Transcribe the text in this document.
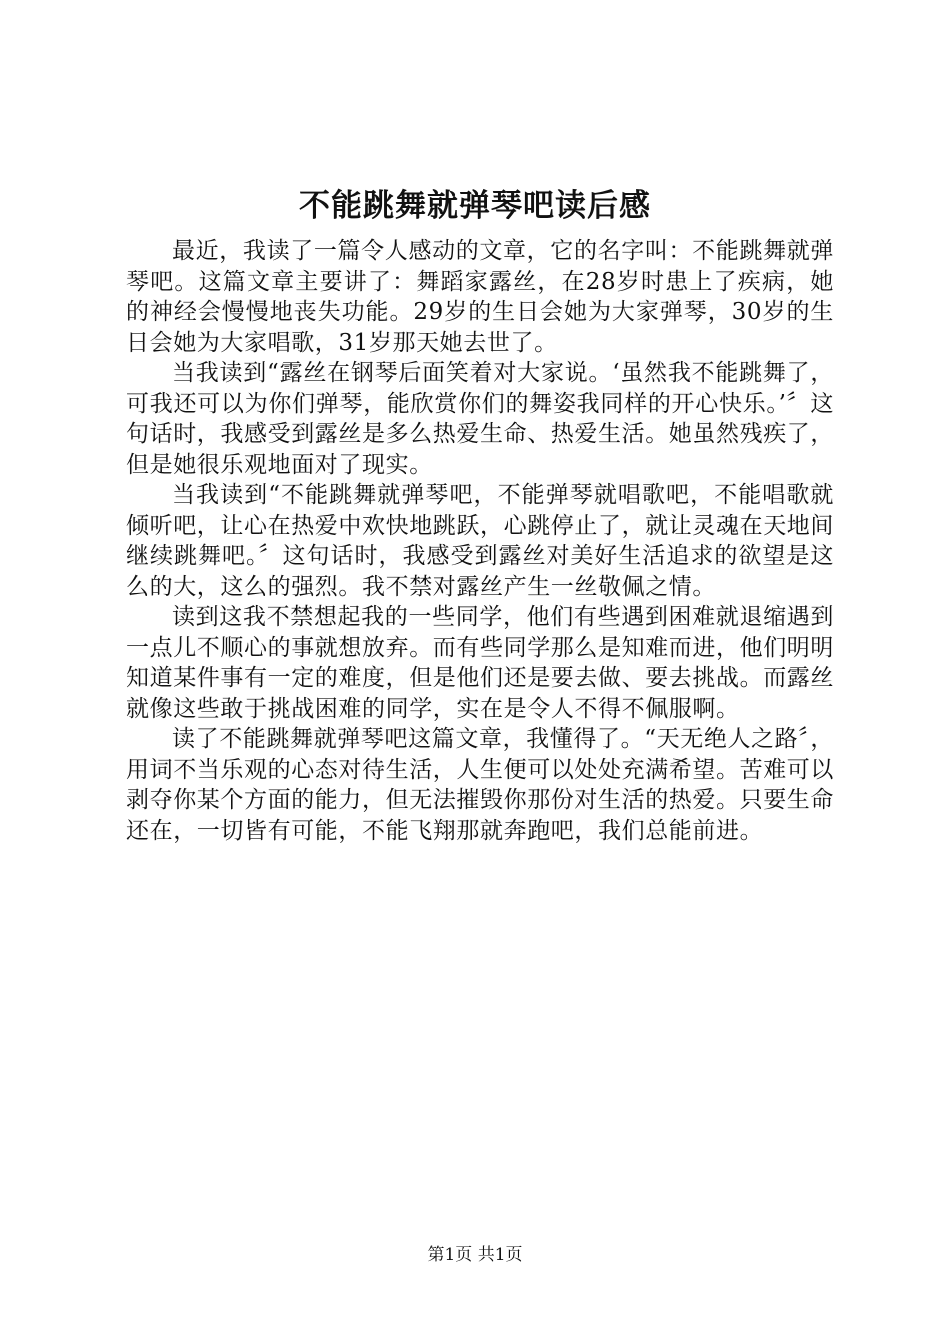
不能跳舞就弹琴吧读后感

最近，我读了一篇令人感动的文章，它的名字叫：不能跳舞就弹琴吧。这篇文章主要讲了：舞蹈家露丝，在28岁时患上了疾病，她的神经会慢慢地丧失功能。29岁的生日会她为大家弹琴，30岁的生日会她为大家唱歌，31岁那天她去世了。

当我读到“露丝在钢琴后面笑着对大家说。‘虽然我不能跳舞了，可我还可以为你们弹琴，能欣赏你们的舞姿我同样的开心快乐。’〞这句话时，我感受到露丝是多么热爱生命、热爱生活。她虽然残疾了，但是她很乐观地面对了现实。

当我读到“不能跳舞就弹琴吧，不能弹琴就唱歌吧，不能唱歌就倾听吧，让心在热爱中欢快地跳跃，心跳停止了，就让灵魂在天地间继续跳舞吧。〞这句话时，我感受到露丝对美好生活追求的欲望是这么的大，这么的强烈。我不禁对露丝产生一丝敬佩之情。

读到这我不禁想起我的一些同学，他们有些遇到困难就退缩遇到一点儿不顺心的事就想放弃。而有些同学那么是知难而进，他们明明知道某件事有一定的难度，但是他们还是要去做、要去挑战。而露丝就像这些敢于挑战困难的同学，实在是令人不得不佩服啊。

读了不能跳舞就弹琴吧这篇文章，我懂得了。“天无绝人之路〞，用词不当乐观的心态对待生活，人生便可以处处充满希望。苦难可以剥夺你某个方面的能力，但无法摧毁你那份对生活的热爱。只要生命还在，一切皆有可能，不能飞翔那就奔跑吧，我们总能前进。

第1页 共1页
